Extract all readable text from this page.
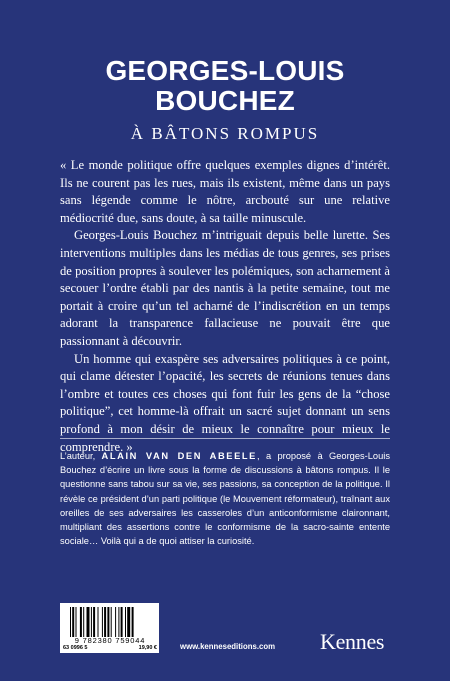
GEORGES-LOUIS
BOUCHEZ
À BÂTONS ROMPUS

« Le monde politique offre quelques exemples dignes d’intérêt. Ils ne courent pas les rues, mais ils existent, même dans un pays sans légende comme le nôtre, arcbouté sur une relative médiocrité due, sans doute, à sa taille minuscule.

Georges-Louis Bouchez m’intriguait depuis belle lurette. Ses interventions multiples dans les médias de tous genres, ses prises de position propres à soulever les polémiques, son acharnement à secouer l’ordre établi par des nantis à la petite semaine, tout me portait à croire qu’un tel acharné de l’indiscrétion en un temps adorant la transparence fallacieuse ne pouvait être que passionnant à découvrir.

Un homme qui exaspère ses adversaires politiques à ce point, qui clame détester l’opacité, les secrets de réunions tenues dans l’ombre et toutes ces choses qui font fuir les gens de la “chose politique”, cet homme-là offrait un sacré sujet donnant un sens profond à mon désir de mieux le connaître pour mieux le comprendre. »

L’auteur, ALAIN VAN DEN ABEELE, a proposé à Georges-Louis Bouchez d’écrire un livre sous la forme de discussions à bâtons rompus. Il le questionne sans tabou sur sa vie, ses passions, sa conception de la politique. Il révèle ce président d’un parti politique (le Mouvement réformateur), traînant aux oreilles de ses adversaires les casseroles d’un anticonformisme claironnant, multipliant des assertions contre le conformisme de la sacro-sainte entente sociale… Voilà qui a de quoi attiser la curiosité.

9 782380 759044
63 0996 5	19,90 €	www.kenneseditions.com Kennes
